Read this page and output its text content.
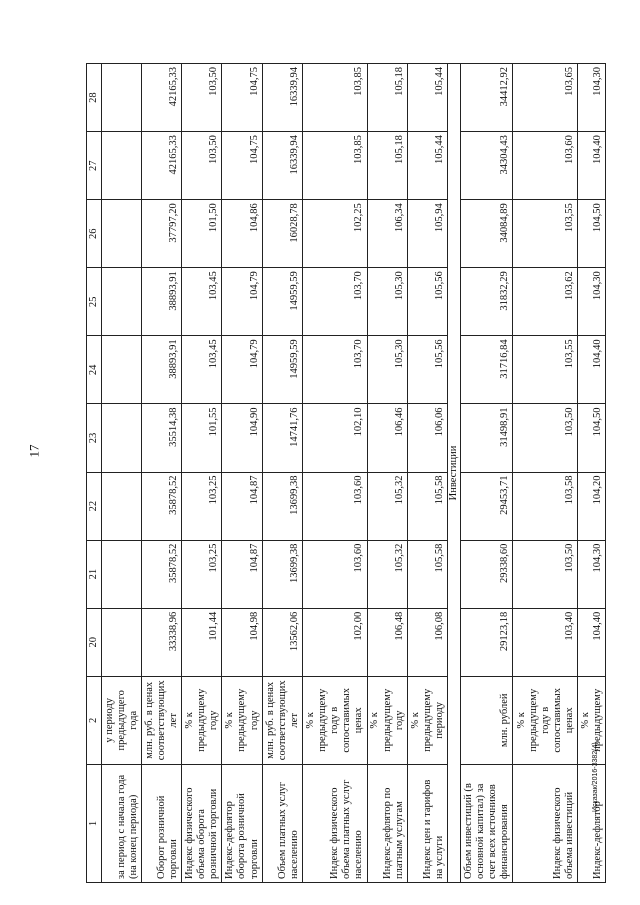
17
Исказак/2016-3382(4)
1	2	20	21	22	23	24	25	26	27	28
за период с начала года (на конец периода)	у периоду предыдущего года									
Оборот розничной торговли	млн. руб. в ценах соответствующих лет	33338,96	35878,52	35878,52	35514,38	38893,91	38893,91	37797,20	42165,33	42165,33
Индекс физического объема оборота розничной торговли	% к предыдущему году	101,44	103,25	103,25	101,55	103,45	103,45	101,50	103,50	103,50
Индекс-дефлятор оборота розничной торговли	% к предыдущему году	104,98	104,87	104,87	104,90	104,79	104,79	104,86	104,75	104,75
Объем платных услуг населению	млн. руб. в ценах соответствующих лет	13562,06	13699,38	13699,38	14741,76	14959,59	14959,59	16028,78	16339,94	16339,94
Индекс физического объема платных услуг населению	% к предыдущему году в сопоставимых ценах	102,00	103,60	103,60	102,10	103,70	103,70	102,25	103,85	103,85
Индекс-дефлятор по платным услугам	% к предыдущему году	106,48	105,32	105,32	106,46	105,30	105,30	106,34	105,18	105,18
Индекс цен и тарифов на услуги	% к предыдущему периоду	106,08	105,58	105,58	106,06	105,56	105,56	105,94	105,44	105,44
Инвестиции										
Объем инвестиций (в основной капитал) за счет всех источников финансирования	млн. рублей	29123,18	29338,60	29453,71	31498,91	31716,84	31832,29	34084,89	34304,43	34412,92
Индекс физического объема инвестиций	% к предыдущему году в сопоставимых ценах	103,40	103,50	103,58	103,50	103,55	103,62	103,55	103,60	103,65
Индекс-дефлятор	% к предыдущему	104,40	104,30	104,20	104,50	104,40	104,30	104,50	104,40	104,30
